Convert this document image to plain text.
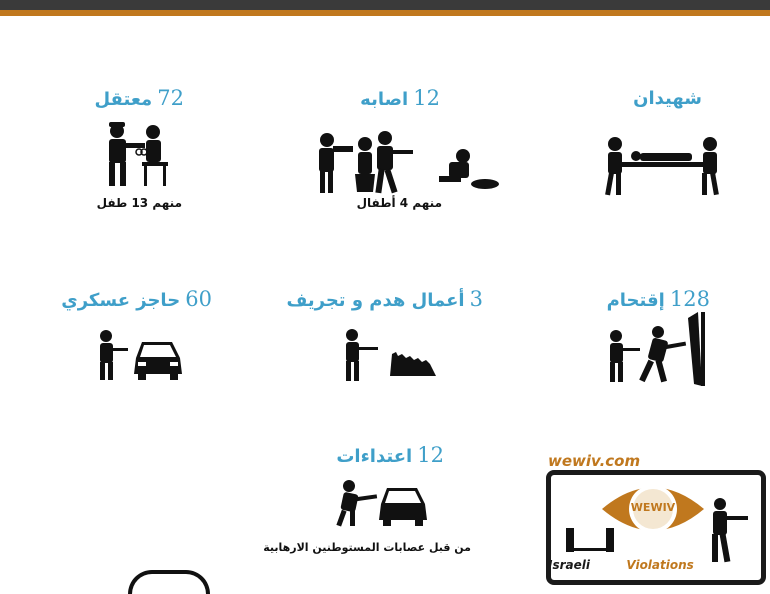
72 معتقل
منهم 13 طفل
12 اصابه
منهم 4 أطفال
شهيدان
60 حاجز عسكري	3 أعمال هدم و تجريف	128 إقتحام
12 اعتداءات
من قبل عصابات المستوطنين الارهابية
wewiv.com
WEWIV
Israeli	Violations
